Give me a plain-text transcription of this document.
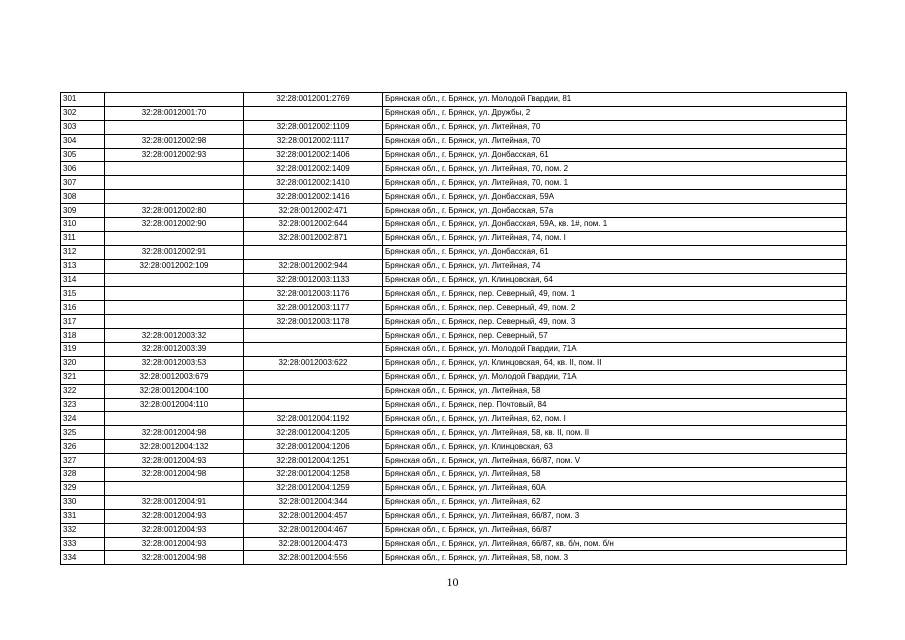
301		32:28:0012001:2769	Брянская обл., г. Брянск, ул. Молодой Гвардии, 81
302	32:28:0012001:70		Брянская обл., г. Брянск, ул. Дружбы, 2
303		32:28:0012002:1109	Брянская обл., г. Брянск, ул. Литейная, 70
304	32:28:0012002:98	32:28:0012002:1117	Брянская обл., г. Брянск, ул. Литейная, 70
305	32:28:0012002:93	32:28:0012002:1406	Брянская обл., г. Брянск, ул. Донбасская, 61
306		32:28:0012002:1409	Брянская обл., г. Брянск, ул. Литейная, 70, пом. 2
307		32:28:0012002:1410	Брянская обл., г. Брянск, ул. Литейная, 70, пом. 1
308		32:28:0012002:1416	Брянская обл., г. Брянск, ул. Донбасская, 59А
309	32:28:0012002:80	32:28:0012002:471	Брянская обл., г. Брянск, ул. Донбасская, 57а
310	32:28:0012002:90	32:28:0012002:644	Брянская обл., г. Брянск, ул. Донбасская, 59А, кв. 1#, пом. 1
311		32:28:0012002:871	Брянская обл., г. Брянск, ул. Литейная, 74, пом. I
312	32:28:0012002:91		Брянская обл., г. Брянск, ул. Донбасская, 61
313	32:28:0012002:109	32:28:0012002:944	Брянская обл., г. Брянск, ул. Литейная, 74
314		32:28:0012003:1133	Брянская обл., г. Брянск, ул. Клинцовская, 64
315		32:28:0012003:1176	Брянская обл., г. Брянск, пер. Северный, 49, пом. 1
316		32:28:0012003:1177	Брянская обл., г. Брянск, пер. Северный, 49, пом. 2
317		32:28:0012003:1178	Брянская обл., г. Брянск, пер. Северный, 49, пом. 3
318	32:28:0012003:32		Брянская обл., г. Брянск, пер. Северный, 57
319	32:28:0012003:39		Брянская обл., г. Брянск, ул. Молодой Гвардии, 71А
320	32:28:0012003:53	32:28:0012003:622	Брянская обл., г. Брянск, ул. Клинцовская, 64, кв. II, пом. II
321	32:28:0012003:679		Брянская обл., г. Брянск, ул. Молодой Гвардии, 71А
322	32:28:0012004:100		Брянская обл., г. Брянск, ул. Литейная, 58
323	32:28:0012004:110		Брянская обл., г. Брянск, пер. Почтовый, 84
324		32:28:0012004:1192	Брянская обл., г. Брянск, ул. Литейная, 62, пом. I
325	32:28:0012004:98	32:28:0012004:1205	Брянская обл., г. Брянск, ул. Литейная, 58, кв. II, пом. II
326	32:28:0012004:132	32:28:0012004:1206	Брянская обл., г. Брянск, ул. Клинцовская, 63
327	32:28:0012004:93	32:28:0012004:1251	Брянская обл., г. Брянск, ул. Литейная, 66/87, пом. V
328	32:28:0012004:98	32:28:0012004:1258	Брянская обл., г. Брянск, ул. Литейная, 58
329		32:28:0012004:1259	Брянская обл., г. Брянск, ул. Литейная, 60А
330	32:28:0012004:91	32:28:0012004:344	Брянская обл., г. Брянск, ул. Литейная, 62
331	32:28:0012004:93	32:28:0012004:457	Брянская обл., г. Брянск, ул. Литейная, 66/87, пом. 3
332	32:28:0012004:93	32:28:0012004:467	Брянская обл., г. Брянск, ул. Литейная, 66/87
333	32:28:0012004:93	32:28:0012004:473	Брянская обл., г. Брянск, ул. Литейная, 66/87, кв. б/н, пом. б/н
334	32:28:0012004:98	32:28:0012004:556	Брянская обл., г. Брянск, ул. Литейная, 58, пом. 3
10
